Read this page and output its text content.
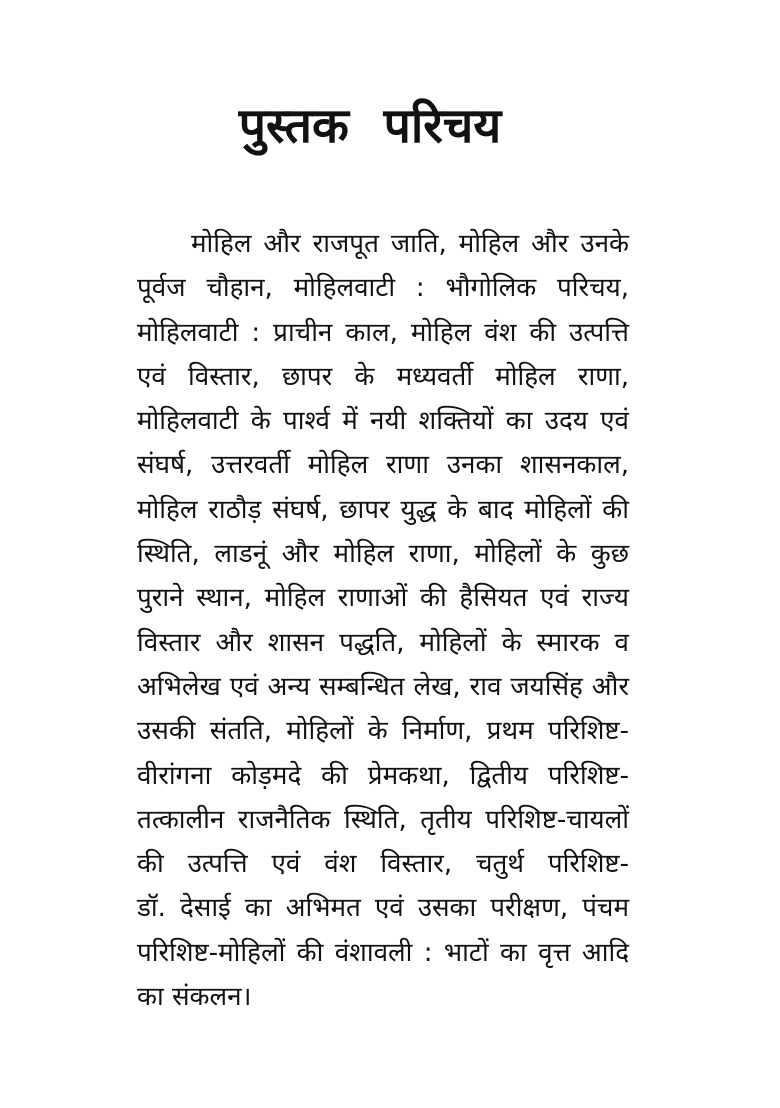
पुस्तक परिचय
मोहिल और राजपूत जाति, मोहिल और उनके
पूर्वज चौहान, मोहिलवाटी : भौगोलिक परिचय,
मोहिलवाटी : प्राचीन काल, मोहिल वंश की उत्पत्ति
एवं विस्तार, छापर के मध्यवर्ती मोहिल राणा,
मोहिलवाटी के पार्श्व में नयी शक्तियों का उदय एवं
संघर्ष, उत्तरवर्ती मोहिल राणा उनका शासनकाल,
मोहिल राठौड़ संघर्ष, छापर युद्ध के बाद मोहिलों की
स्थिति, लाडनूं और मोहिल राणा, मोहिलों के कुछ
पुराने स्थान, मोहिल राणाओं की हैसियत एवं राज्य
विस्तार और शासन पद्धति, मोहिलों के स्मारक व
अभिलेख एवं अन्य सम्बन्धित लेख, राव जयसिंह और
उसकी संतति, मोहिलों के निर्माण, प्रथम परिशिष्ट-
वीरांगना कोड़मदे की प्रेमकथा, द्वितीय परिशिष्ट-
तत्कालीन राजनैतिक स्थिति, तृतीय परिशिष्ट-चायलों
की उत्पत्ति एवं वंश विस्तार, चतुर्थ परिशिष्ट-
डॉ. देसाई का अभिमत एवं उसका परीक्षण, पंचम
परिशिष्ट-मोहिलों की वंशावली : भाटों का वृत्त आदि
का संकलन।
